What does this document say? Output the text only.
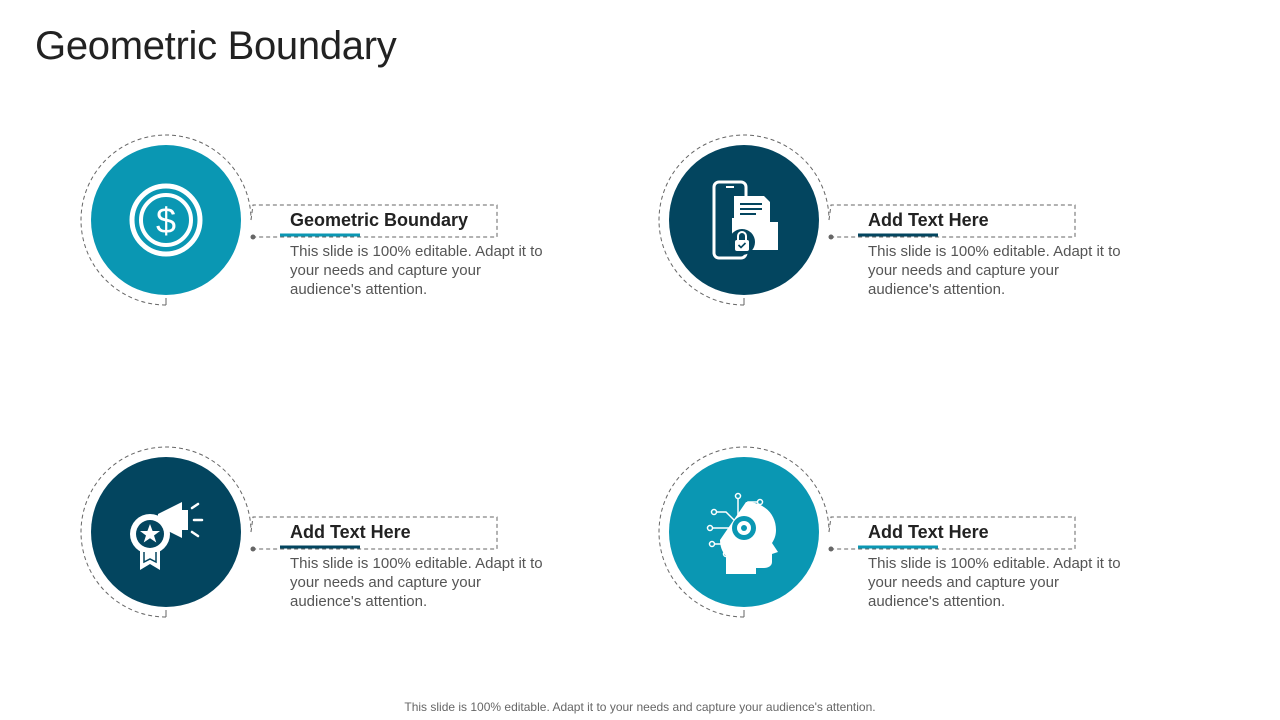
Geometric Boundary
$	Geometric Boundary
This slide is 100% editable. Adapt it to your needs and capture your audience's attention.
Add Text Here
This slide is 100% editable. Adapt it to your needs and capture your audience's attention.
Add Text Here
This slide is 100% editable. Adapt it to your needs and capture your audience's attention.
Add Text Here
This slide is 100% editable. Adapt it to your needs and capture your audience's attention.
This slide is 100% editable. Adapt it to your needs and capture your audience's attention.
